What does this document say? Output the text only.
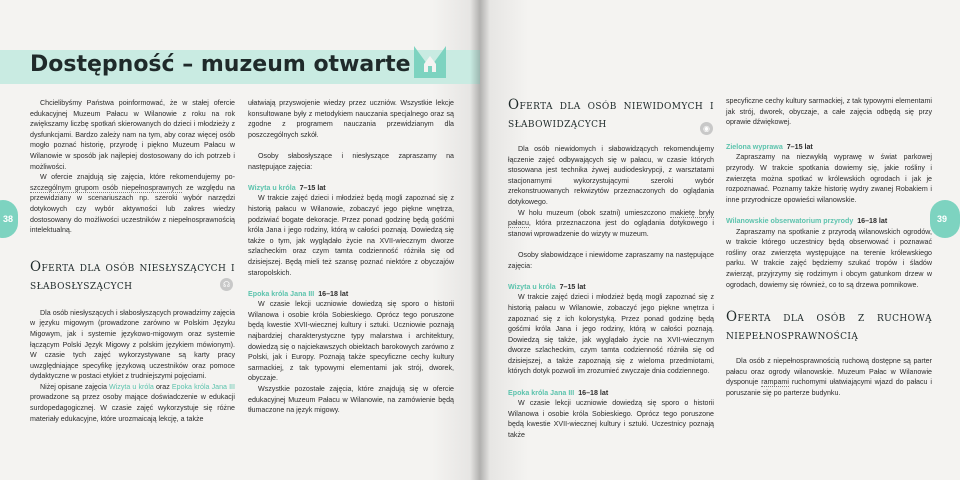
Dostępność – muzeum otwarte

Chcielibyśmy Państwa poinformować, że w stałej ofercie edukacyjnej Muzeum Pałacu w Wilanowie z roku na rok zwiększamy liczbę spotkań skierowanych do dzieci i młodzieży z dysfunkcjami. Bardzo zależy nam na tym, aby coraz więcej osób mogło poznać historię, przyrodę i piękno Muzeum Pałacu w Wilanowie w sposób jak najlepiej dostosowany do ich potrzeb i możliwości.

W ofercie znajdują się zajęcia, które rekomendujemy po-szczególnym grupom osób niepełnosprawnych ze względu na przewidziany w scenariuszach np. szeroki wybór narzędzi dotykowych czy wybór aktywności lub zakres wiedzy dostosowany do możliwości uczestników z niepełnosprawnością intelektualną.

Oferta dla osób niesłyszących i słabosłyszących	☊

Dla osób niesłyszących i słabosłyszących prowadzimy zajęcia w języku migowym (prowadzone zarówno w Polskim Języku Migowym, jak i systemie językowo-migowym oraz systemie łączącym Polski Język Migowy z polskim językiem mówionym). W czasie tych zajęć wykorzystywane są karty pracy uwzględniające specyfikę językową uczestników oraz pomoce dydaktyczne w postaci etykiet z trudniejszymi pojęciami.

Niżej opisane zajęcia Wizyta u króla oraz Epoka króla Jana III prowadzone są przez osoby mające doświadczenie w edukacji surdopedagogicznej. W czasie zajęć wykorzystuje się różne materiały edukacyjne, które urozmaicają lekcję, a także

ułatwiają przyswojenie wiedzy przez uczniów. Wszystkie lekcje konsultowane były z metodykiem nauczania specjalnego oraz są zgodne z programem nauczania przewidzianym dla poszczególnych szkół.

Osoby słabosłyszące i niesłyszące zapraszamy na następujące zajęcia:

Wizyta u króla 7–15 lat

W trakcie zajęć dzieci i młodzież będą mogli zapoznać się z historią pałacu w Wilanowie, zobaczyć jego piękne wnętrza, podziwiać bogate dekoracje. Przez ponad godzinę będą gośćmi króla Jana i jego rodziny, którą w całości poznają. Dowiedzą się także o tym, jak wyglądało życie na XVII-wiecznym dworze szlacheckim oraz czym tamta codzienność różniła się od dzisiejszej. Będą mieli też szansę poznać niektóre z obyczajów staropolskich.

Epoka króla Jana III 16–18 lat

W czasie lekcji uczniowie dowiedzą się sporo o historii Wilanowa i osobie króla Sobieskiego. Oprócz tego poruszone będą kwestie XVII-wiecznej kultury i sztuki. Uczniowie poznają najbardziej charakterystyczne typy malarstwa i architektury, dowiedzą się o najciekawszych obiektach barokowych zarówno z Polski, jak i Europy. Poznają także specyficzne cechy kultury sarmackiej, z tak typowymi elementami jak strój, dworek, obyczaje.

Wszystkie pozostałe zajęcia, które znajdują się w ofercie edukacyjnej Muzeum Pałacu w Wilanowie, na zamówienie będą tłumaczone na język migowy.

38
Oferta dla osób niewidomych i słabowidzących	◉

Dla osób niewidomych i słabowidzących rekomendujemy łączenie zajęć odbywających się w pałacu, w czasie których stosowana jest technika żywej audiodeskrypcji, z warsztatami stacjonarnymi wykorzystującymi szeroki wybór zrekonstruowanych rekwizytów przeznaczonych do oglądania dotykowego.

W holu muzeum (obok szatni) umieszczono makietę bryły pałacu, która przeznaczona jest do oglądania dotykowego i stanowi wprowadzenie do wizyty w muzeum.

Osoby słabowidzące i niewidome zapraszamy na następujące zajęcia:

Wizyta u króla 7–15 lat

W trakcie zajęć dzieci i młodzież będą mogli zapoznać się z historią pałacu w Wilanowie, zobaczyć jego piękne wnętrza i zapoznać się z ich kolorystyką. Przez ponad godzinę będą gośćmi króla Jana i jego rodziny, którą w całości poznają. Dowiedzą się także, jak wyglądało życie na XVII-wiecznym dworze szlacheckim, czym tamta codzienność różniła się od dzisiejszej, a także zapoznają się z wieloma przedmiotami, których dotyk pozwoli im zrozumieć zwyczaje dnia codziennego.

Epoka króla Jana III 16–18 lat

W czasie lekcji uczniowie dowiedzą się sporo o historii Wilanowa i osobie króla Sobieskiego. Oprócz tego poruszone będą kwestie XVII-wiecznej kultury i sztuki. Uczestnicy poznają także

specyficzne cechy kultury sarmackiej, z tak typowymi elementami jak strój, dworek, obyczaje, a całe zajęcia odbędą się przy oprawie dźwiękowej.

Zielona wyprawa 7–15 lat

Zapraszamy na niezwykłą wyprawę w świat parkowej przyrody. W trakcie spotkania dowiemy się, jakie rośliny i zwierzęta można spotkać w królewskich ogrodach i jak je rozpoznawać. Poznamy także historię wydry zwanej Robakiem i inne przyrodnicze opowieści wilanowskie.

Wilanowskie obserwatorium przyrody 16–18 lat

Zapraszamy na spotkanie z przyrodą wilanowskich ogrodów, w trakcie którego uczestnicy będą obserwować i poznawać rośliny oraz zwierzęta występujące na terenie królewskiego parku. W trakcie zajęć będziemy szukać tropów i śladów zwierząt, przyjrzymy się rodzimym i obcym gatunkom drzew w ogrodach, dowiemy się również, co to są drzewa pomnikowe.

Oferta dla osób z ruchową niepełnosprawnością

Dla osób z niepełnosprawnością ruchową dostępne są parter pałacu oraz ogrody wilanowskie. Muzeum Pałac w Wilanowie dysponuje rampami ruchomymi ułatwiającymi wjazd do pałacu i poruszanie się po parterze budynku.

39
